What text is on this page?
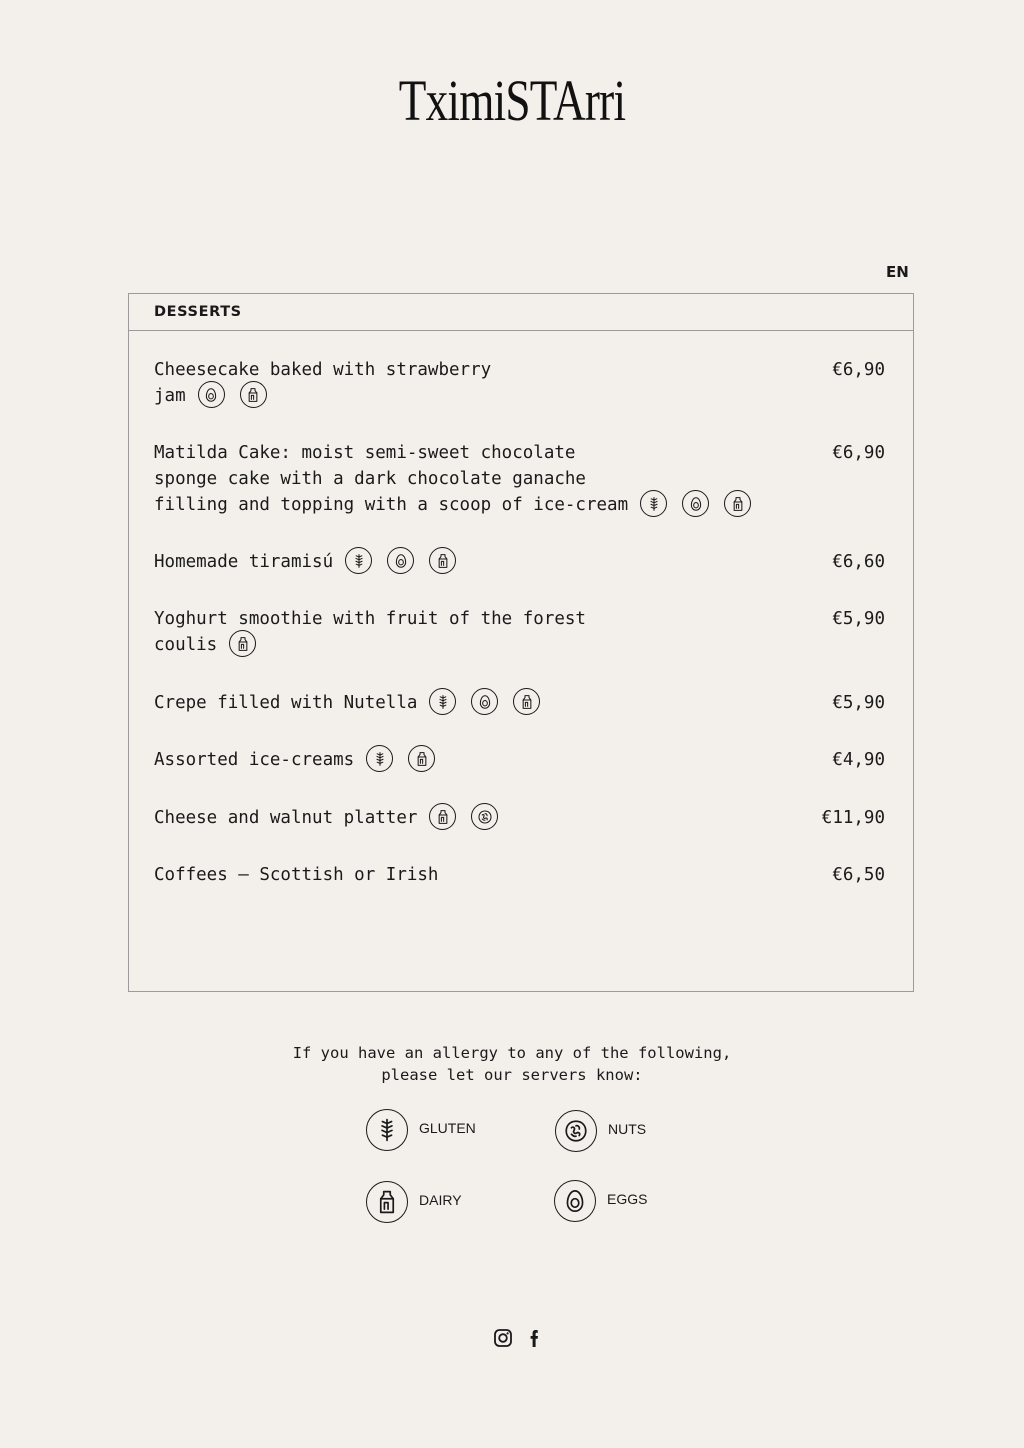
TximiSTArri
EN
DESSERTS
Cheesecake baked with strawberry
jam
€6,90
Matilda Cake: moist semi-sweet chocolate
sponge cake with a dark chocolate ganache
filling and topping with a scoop of ice-cream
€6,90
Homemade tiramisú	€6,60
Yoghurt smoothie with fruit of the forest
coulis
€5,90
Crepe filled with Nutella	€5,90
Assorted ice-creams	€4,90
Cheese and walnut platter	€11,90
Coffees – Scottish or Irish	€6,50
If you have an allergy to any of the following,
please let our servers know:
GLUTEN	NUTS
DAIRY	EGGS
